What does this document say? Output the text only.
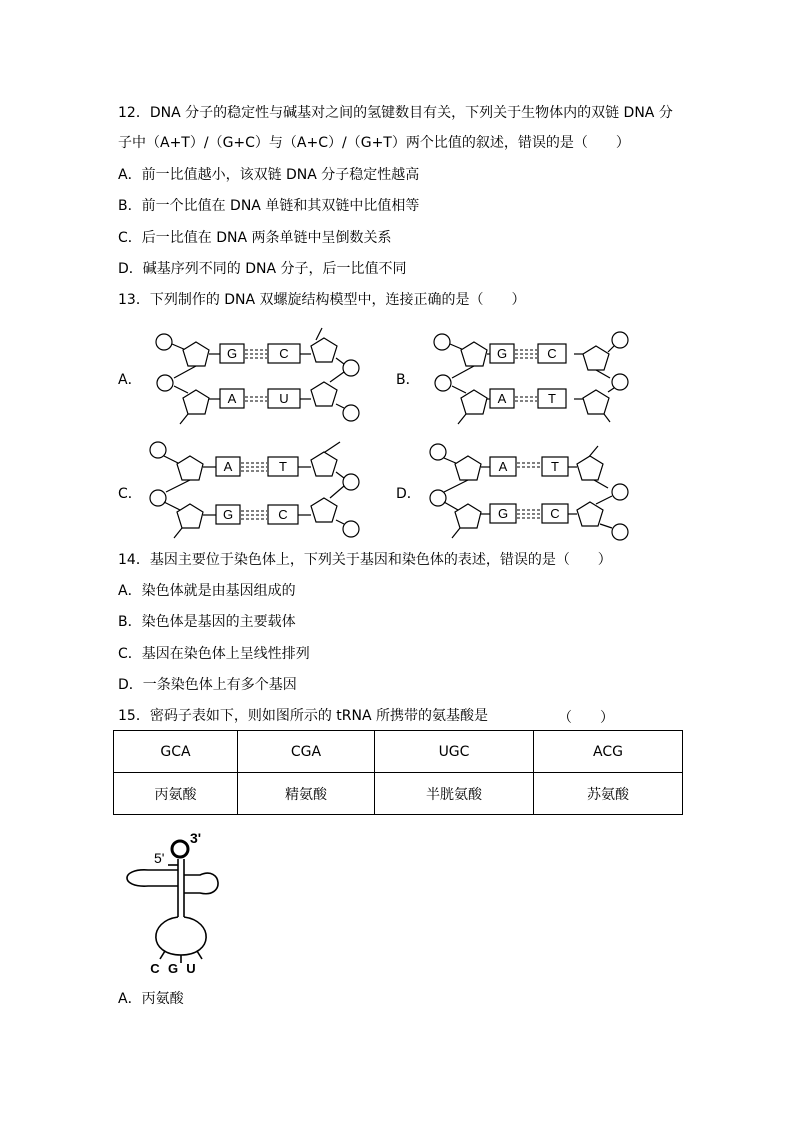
12．DNA 分子的稳定性与碱基对之间的氢键数目有关，下列关于生物体内的双链 DNA 分
子中（A+T）/（G+C）与（A+C）/（G+T）两个比值的叙述，错误的是（　　）
A．前一比值越小，该双链 DNA 分子稳定性越高
B．前一个比值在 DNA 单链和其双链中比值相等
C．后一比值在 DNA 两条单链中呈倒数关系
D．碱基序列不同的 DNA 分子，后一比值不同
13．下列制作的 DNA 双螺旋结构模型中，连接正确的是（　　）
A．
G	C
A	U
B．
G	C
A	T
C．
A	T
G	C
D．
A	T
G	C
14．基因主要位于染色体上，下列关于基因和染色体的表述，错误的是（　　）
A．染色体就是由基因组成的
B．染色体是基因的主要载体
C．基因在染色体上呈线性排列
D．一条染色体上有多个基因
15．密码子表如下，则如图所示的 tRNA 所携带的氨基酸是	（　　）
GCA	CGA	UGC	ACG
丙氨酸	精氨酸	半胱氨酸	苏氨酸
5'
3'
C G U
A．丙氨酸
